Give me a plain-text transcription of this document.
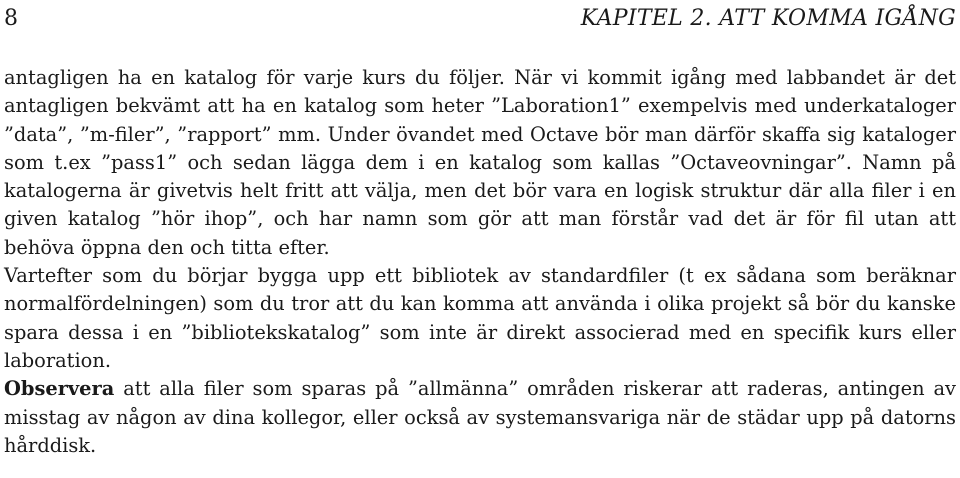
8	KAPITEL 2. ATT KOMMA IGÅNG

antagligen ha en katalog för varje kurs du följer. När vi kommit igång med labbandet är det antagligen bekvämt att ha en katalog som heter ”Laboration1” exempelvis med underkataloger ”data”, ”m-filer”, ”rapport” mm. Under övandet med Octave bör man därför skaffa sig kataloger som t.ex ”pass1” och sedan lägga dem i en katalog som kallas ”Octaveovningar”. Namn på katalogerna är givetvis helt fritt att välja, men det bör vara en logisk struktur där alla filer i en given katalog ”hör ihop”, och har namn som gör att man förstår vad det är för fil utan att behöva öppna den och titta efter.

Vartefter som du börjar bygga upp ett bibliotek av standardfiler (t ex sådana som beräknar normalfördelningen) som du tror att du kan komma att använda i olika projekt så bör du kanske spara dessa i en ”bibliotekskatalog” som inte är direkt associerad med en specifik kurs eller laboration.

Observera att alla filer som sparas på ”allmänna” områden riskerar att raderas, antingen av misstag av någon av dina kollegor, eller också av systemansvariga när de städar upp på datorns hårddisk.
